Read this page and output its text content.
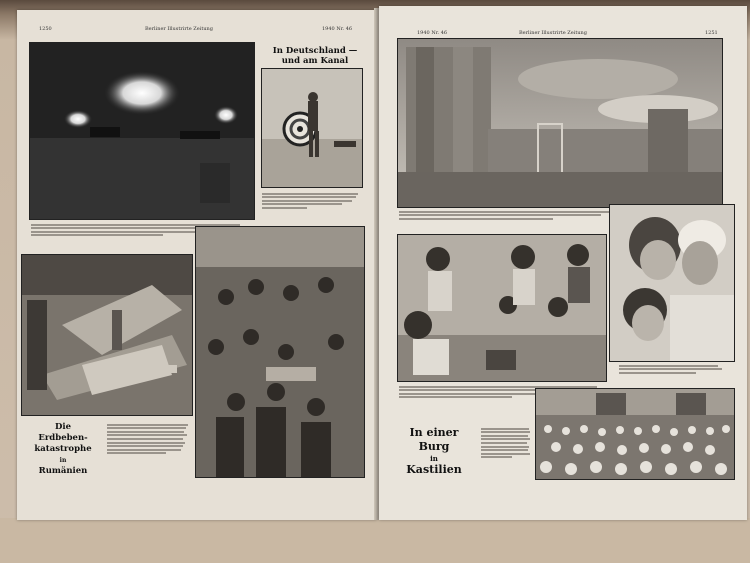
1250	Berliner Illustrirte Zeitung	1940 Nr. 46
In Deutschland —
und am Kanal
Die
Erdbeben-
katastrophe
in
Rumänien
1940 Nr. 46	Berliner Illustrirte Zeitung	1251
In einer Burg
in
Kastilien
